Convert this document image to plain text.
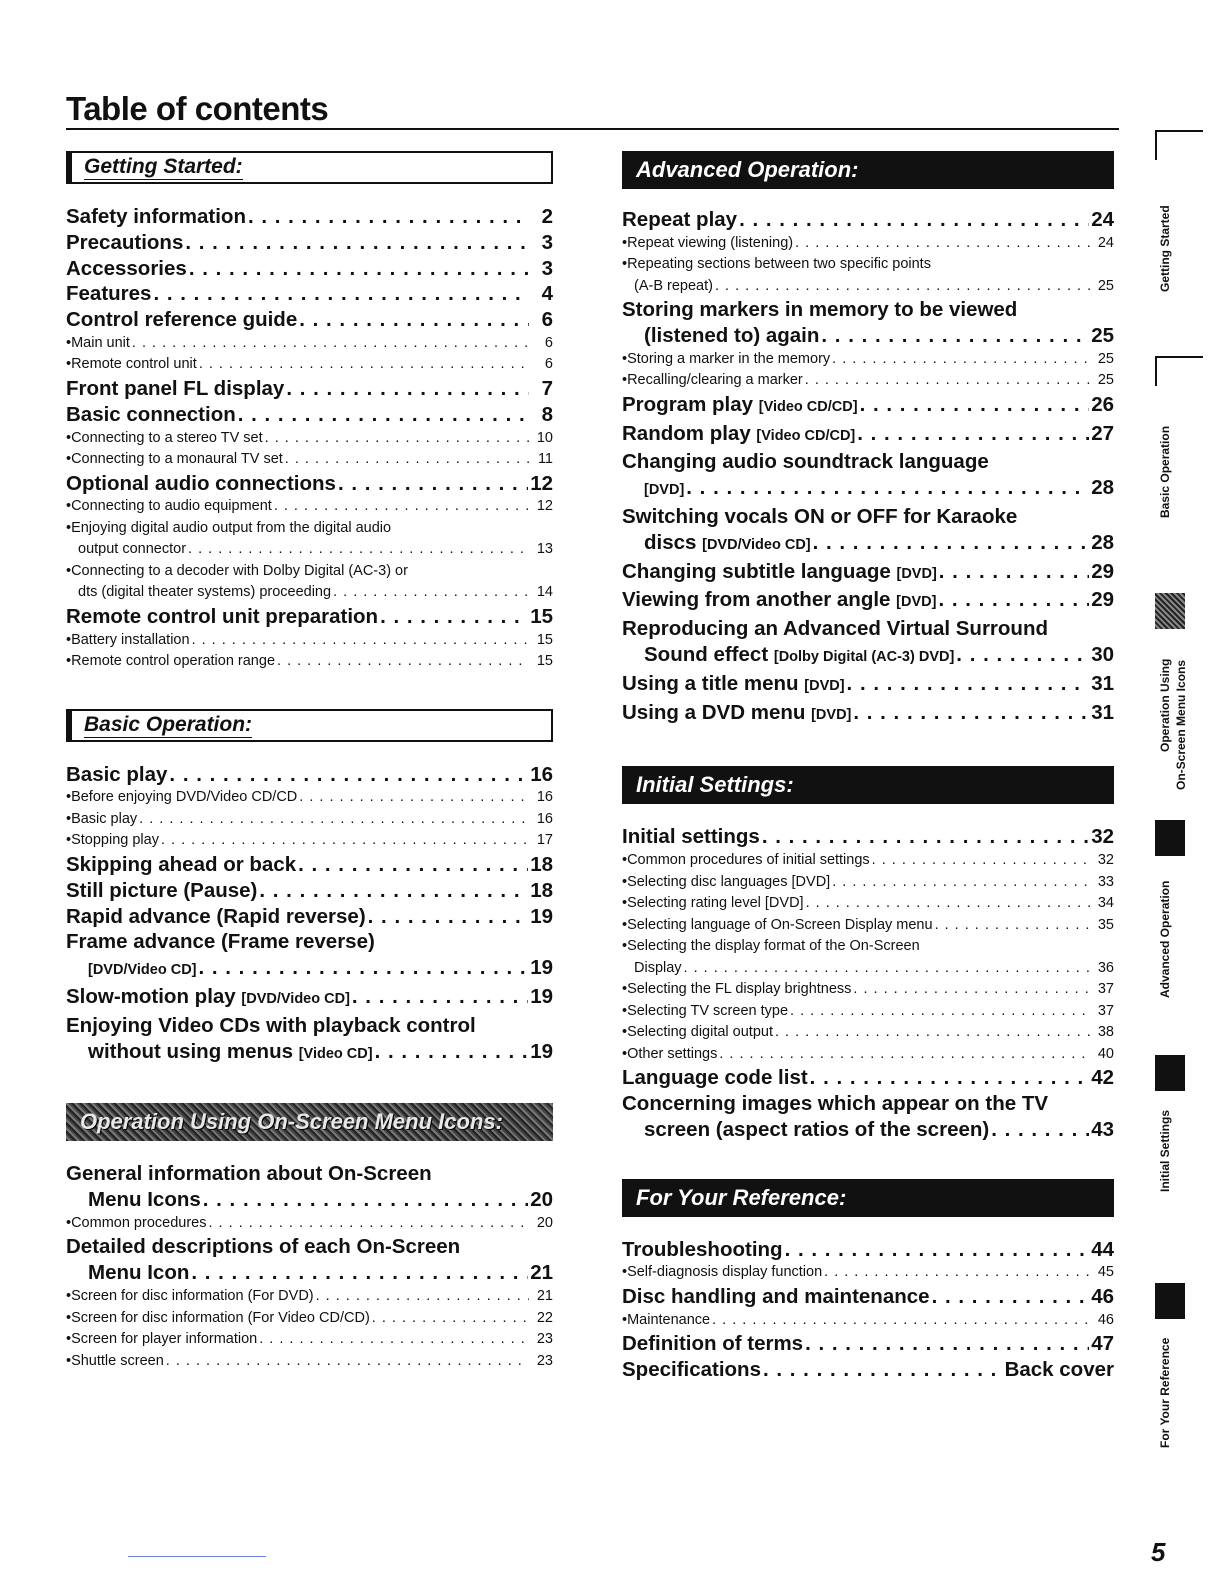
Table of contents
Getting Started:
Safety information . . .	2
Precautions . . .	3
Accessories . . .	3
Features . . .	4
Control reference guide . . .	6
•Main unit . . .	6
•Remote control unit . . .	6
Front panel FL display . . .	7
Basic connection . . .	8
•Connecting to a stereo TV set . . .	10
•Connecting to a monaural TV set . . .	11
Optional audio connections . . .	12
•Connecting to audio equipment . . .	12
•Enjoying digital audio output from the digital audio
output connector . . .	13
•Connecting to a decoder with Dolby Digital (AC-3) or
dts (digital theater systems) proceeding . . .	14
Remote control unit preparation . . .	15
•Battery installation . . .	15
•Remote control operation range . . .	15
Basic Operation:
Basic play . . .	16
•Before enjoying DVD/Video CD/CD . . .	16
•Basic play . . .	16
•Stopping play . . .	17
Skipping ahead or back . . .	18
Still picture (Pause) . . .	18
Rapid advance (Rapid reverse) . . .	19
Frame advance (Frame reverse)
[DVD/Video CD] . . .	19
Slow-motion play
[DVD/Video CD] . . .	19
Enjoying Video CDs with playback control
without using menus
[Video CD] . . .	19
Operation Using On-Screen Menu Icons:
General information about On-Screen
Menu Icons . . .	20
•Common procedures . . .	20
Detailed descriptions of each On-Screen
Menu Icon . . .	21
•Screen for disc information (For DVD) . . .	21
•Screen for disc information (For Video CD/CD) . . .	22
•Screen for player information . . .	23
•Shuttle screen . . .	23
Advanced Operation:
Repeat play . . .	24
•Repeat viewing (listening) . . .	24
•Repeating sections between two specific points
(A-B repeat) . . .	25
Storing markers in memory to be viewed
(listened to) again . . .	25
•Storing a marker in the memory . . .	25
•Recalling/clearing a marker . . .	25
Program play
[Video CD/CD] . . .	26
Random play
[Video CD/CD] . . .	27
Changing audio soundtrack language
[DVD] . . .	28
Switching vocals ON or OFF for Karaoke
discs
[DVD/Video CD] . . .	28
Changing subtitle language
[DVD] . . .	29
Viewing from another angle
[DVD] . . .	29
Reproducing an Advanced Virtual Surround
Sound effect
[Dolby Digital (AC-3) DVD] . . .	30
Using a title menu
[DVD] . . .	31
Using a DVD menu
[DVD] . . .	31
Initial Settings:
Initial settings . . .	32
•Common procedures of initial settings . . .	32
•Selecting disc languages [DVD] . . .	33
•Selecting rating level [DVD] . . .	34
•Selecting language of On-Screen Display menu . . .	35
•Selecting the display format of the On-Screen
Display . . .	36
•Selecting the FL display brightness . . .	37
•Selecting TV screen type . . .	37
•Selecting digital output . . .	38
•Other settings . . .	40
Language code list . . .	42
Concerning images which appear on the TV
screen (aspect ratios of the screen) . . .	43
For Your Reference:
Troubleshooting . . .	44
•Self-diagnosis display function . . .	45
Disc handling and maintenance . . .	46
•Maintenance . . .	46
Definition of terms . . .	47
Specifications . . .	Back cover
Getting Started
Basic Operation
Operation Using On-Screen Menu Icons
Advanced Operation
Initial Settings
For Your Reference
5
